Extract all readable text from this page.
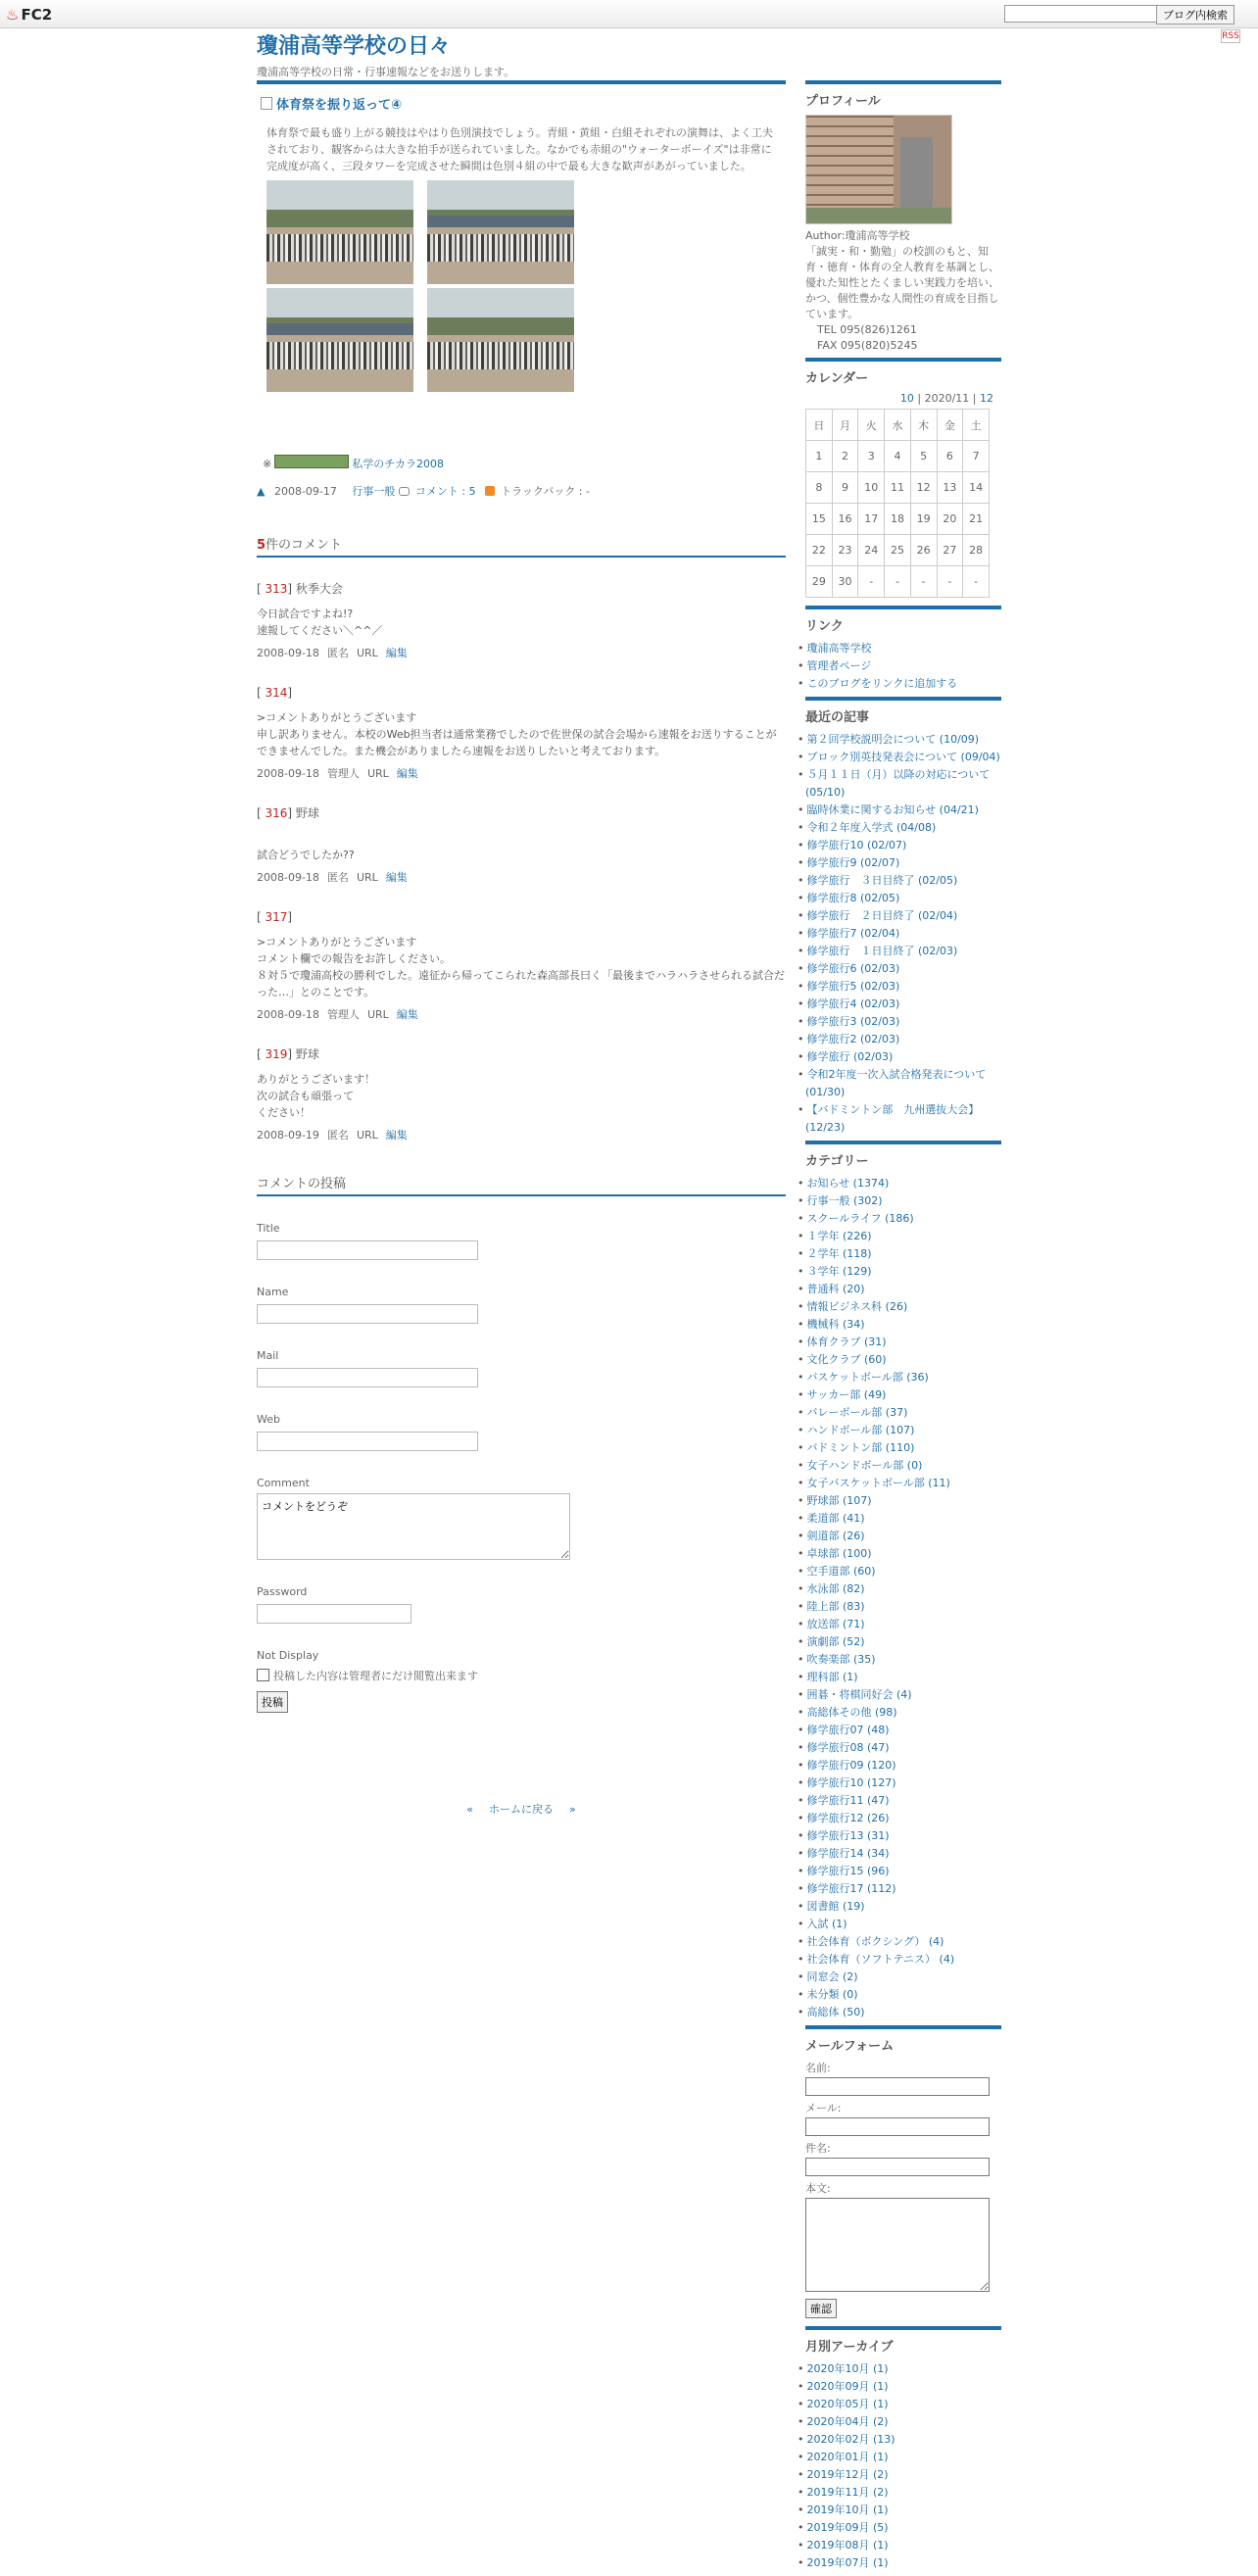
♨ FC2	ブログ内検索
RSS
瓊浦高等学校の日々
瓊浦高等学校の日常・行事速報などをお送りします。
体育祭を振り返って④
体育祭で最も盛り上がる競技はやはり色別演技でしょう。青組・黄組・白組それぞれの演舞は、よく工夫されており、観客からは大きな拍手が送られていました。なかでも赤組の"ウォーターボーイズ"は非常に完成度が高く、三段タワーを完成させた瞬間は色別４組の中で最も大きな歓声があがっていました。

※	私学のチカラ2008
▲ 2008-09-17 行事一般 コメント : 5 トラックバック : -
5件のコメント
[ 313] 秋季大会
今日試合ですよね!?
速報してください＼^^／
2008-09-18 匿名 URL 編集
[ 314]
>コメントありがとうございます
申し訳ありません。本校のWeb担当者は通常業務でしたので佐世保の試合会場から速報をお送りすることができませんでした。また機会がありましたら速報をお送りしたいと考えております。
2008-09-18 管理人 URL 編集
[ 316] 野球

試合どうでしたか??
2008-09-18 匿名 URL 編集
[ 317]
>コメントありがとうございます
コメント欄での報告をお許しください。
８対５で瓊浦高校の勝利でした。遠征から帰ってこられた森高部長曰く「最後までハラハラさせられる試合だった…」とのことです。
2008-09-18 管理人 URL 編集
[ 319] 野球
ありがとうございます！
次の試合も頑張って
ください！
2008-09-19 匿名 URL 編集
コメントの投稿
Title
Name
Mail
Web
Comment
コメントをどうぞ
Password
Not Display
投稿した内容は管理者にだけ閲覧出来ます
投稿
« ホームに戻る »
プロフィール
Author:瓊浦高等学校
「誠実・和・勤勉」の校訓のもと、知育・徳育・体育の全人教育を基調とし、優れた知性とたくましい実践力を培い、かつ、個性豊かな人間性の育成を目指しています。
TEL 095(826)1261
FAX 095(820)5245
カレンダー
10 | 2020/11 | 12
日	月	火	水	木	金	土
1	2	3	4	5	6	7
8	9	10	11	12	13	14
15	16	17	18	19	20	21
22	23	24	25	26	27	28
29	30	-	-	-	-	-
リンク
• 瓊浦高等学校
• 管理者ページ
• このブログをリンクに追加する
最近の記事
• 第２回学校説明会について (10/09)
• ブロック別英技発表会について (09/04)
• ５月１１日（月）以降の対応について (05/10)
• 臨時休業に関するお知らせ (04/21)
• 令和２年度入学式 (04/08)
• 修学旅行10 (02/07)
• 修学旅行9 (02/07)
• 修学旅行　３日目終了 (02/05)
• 修学旅行8 (02/05)
• 修学旅行　２日目終了 (02/04)
• 修学旅行7 (02/04)
• 修学旅行　１日目終了 (02/03)
• 修学旅行6 (02/03)
• 修学旅行5 (02/03)
• 修学旅行4 (02/03)
• 修学旅行3 (02/03)
• 修学旅行2 (02/03)
• 修学旅行 (02/03)
• 令和2年度一次入試合格発表について (01/30)
• 【バドミントン部　九州選抜大会】 (12/23)
カテゴリー
• お知らせ (1374)
• 行事一般 (302)
• スクールライフ (186)
• １学年 (226)
• ２学年 (118)
• ３学年 (129)
• 普通科 (20)
• 情報ビジネス科 (26)
• 機械科 (34)
• 体育クラブ (31)
• 文化クラブ (60)
• バスケットボール部 (36)
• サッカー部 (49)
• バレーボール部 (37)
• ハンドボール部 (107)
• バドミントン部 (110)
• 女子ハンドボール部 (0)
• 女子バスケットボール部 (11)
• 野球部 (107)
• 柔道部 (41)
• 剣道部 (26)
• 卓球部 (100)
• 空手道部 (60)
• 水泳部 (82)
• 陸上部 (83)
• 放送部 (71)
• 演劇部 (52)
• 吹奏楽部 (35)
• 理科部 (1)
• 囲碁・将棋同好会 (4)
• 高総体その他 (98)
• 修学旅行07 (48)
• 修学旅行08 (47)
• 修学旅行09 (120)
• 修学旅行10 (127)
• 修学旅行11 (47)
• 修学旅行12 (26)
• 修学旅行13 (31)
• 修学旅行14 (34)
• 修学旅行15 (96)
• 修学旅行17 (112)
• 図書館 (19)
• 入試 (1)
• 社会体育（ボクシング） (4)
• 社会体育（ソフトテニス） (4)
• 同窓会 (2)
• 未分類 (0)
• 高総体 (50)
メールフォーム
名前:
メール:
件名:
本文:
確認
月別アーカイブ
• 2020年10月 (1)
• 2020年09月 (1)
• 2020年05月 (1)
• 2020年04月 (2)
• 2020年02月 (13)
• 2020年01月 (1)
• 2019年12月 (2)
• 2019年11月 (2)
• 2019年10月 (1)
• 2019年09月 (5)
• 2019年08月 (1)
• 2019年07月 (1)
